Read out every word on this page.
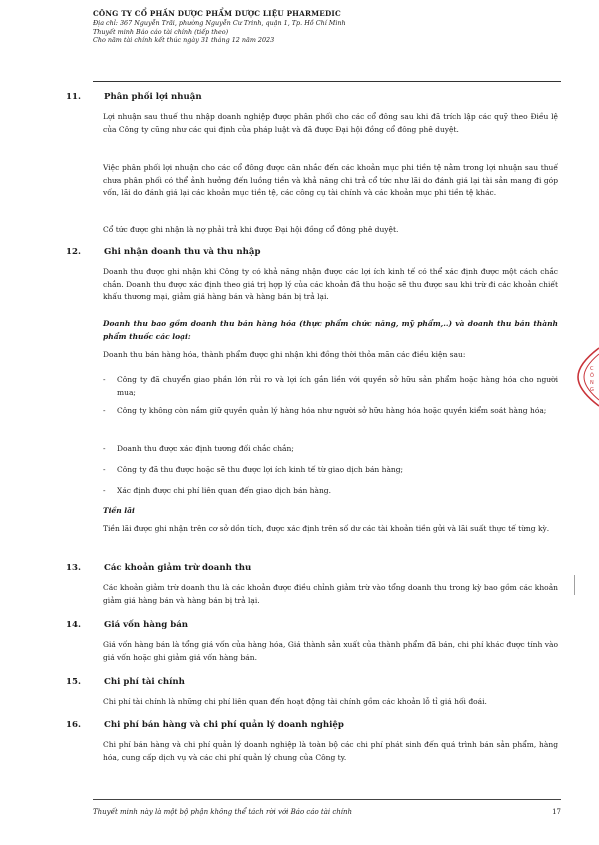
CÔNG TY CỔ PHẦN DƯỢC PHẨM DƯỢC LIỆU PHARMEDIC
Địa chỉ: 367 Nguyễn Trãi, phường Nguyễn Cư Trinh, quận 1, Tp. Hồ Chí Minh
Thuyết minh Báo cáo tài chính (tiếp theo)
Cho năm tài chính kết thúc ngày 31 tháng 12 năm 2023
11.	Phân phối lợi nhuận
Lợi nhuận sau thuế thu nhập doanh nghiệp được phân phối cho các cổ đông sau khi đã trích lập các quỹ theo Điều lệ của Công ty cũng như các qui định của pháp luật và đã được Đại hội đồng cổ đông phê duyệt.
Việc phân phối lợi nhuận cho các cổ đông được cân nhắc đến các khoản mục phi tiền tệ nằm trong lợi nhuận sau thuế chưa phân phối có thể ảnh hưởng đến luồng tiền và khả năng chi trả cổ tức như lãi do đánh giá lại tài sản mang đi góp vốn, lãi do đánh giá lại các khoản mục tiền tệ, các công cụ tài chính và các khoản mục phi tiền tệ khác.
Cổ tức được ghi nhận là nợ phải trả khi được Đại hội đồng cổ đông phê duyệt.
12.	Ghi nhận doanh thu và thu nhập
Doanh thu được ghi nhận khi Công ty có khả năng nhận được các lợi ích kinh tế có thể xác định được một cách chắc chắn. Doanh thu được xác định theo giá trị hợp lý của các khoản đã thu hoặc sẽ thu được sau khi trừ đi các khoản chiết khấu thương mại, giảm giá hàng bán và hàng bán bị trả lại.
Doanh thu bao gồm doanh thu bán hàng hóa (thực phẩm chức năng, mỹ phẩm,..) và doanh thu bán thành phẩm thuốc các loại:
Doanh thu bán hàng hóa, thành phẩm được ghi nhận khi đồng thời thỏa mãn các điều kiện sau:
- Công ty đã chuyển giao phần lớn rủi ro và lợi ích gắn liền với quyền sở hữu sản phẩm hoặc hàng hóa cho người mua;
- Công ty không còn nắm giữ quyền quản lý hàng hóa như người sở hữu hàng hóa hoặc quyền kiểm soát hàng hóa;
- Doanh thu được xác định tương đối chắc chắn;
- Công ty đã thu được hoặc sẽ thu được lợi ích kinh tế từ giao dịch bán hàng;
- Xác định được chi phí liên quan đến giao dịch bán hàng.
Tiền lãi
Tiền lãi được ghi nhận trên cơ sở dồn tích, được xác định trên số dư các tài khoản tiền gửi và lãi suất thực tế từng kỳ.
13.	Các khoản giảm trừ doanh thu
Các khoản giảm trừ doanh thu là các khoản được điều chỉnh giảm trừ vào tổng doanh thu trong kỳ bao gồm các khoản giảm giá hàng bán và hàng bán bị trả lại.
14.	Giá vốn hàng bán
Giá vốn hàng bán là tổng giá vốn của hàng hóa, Giá thành sản xuất của thành phẩm đã bán, chi phí khác được tính vào giá vốn hoặc ghi giảm giá vốn hàng bán.
15.	Chi phí tài chính
Chi phí tài chính là những chi phí liên quan đến hoạt động tài chính gồm các khoản lỗ tỉ giá hối đoái.
16.	Chi phí bán hàng và chi phí quản lý doanh nghiệp
Chi phí bán hàng và chi phí quản lý doanh nghiệp là toàn bộ các chi phí phát sinh đến quá trình bán sản phẩm, hàng hóa, cung cấp dịch vụ và các chi phí quản lý chung của Công ty.
Thuyết minh này là một bộ phận không thể tách rời với Báo cáo tài chính	17
C
Ô
N
G
